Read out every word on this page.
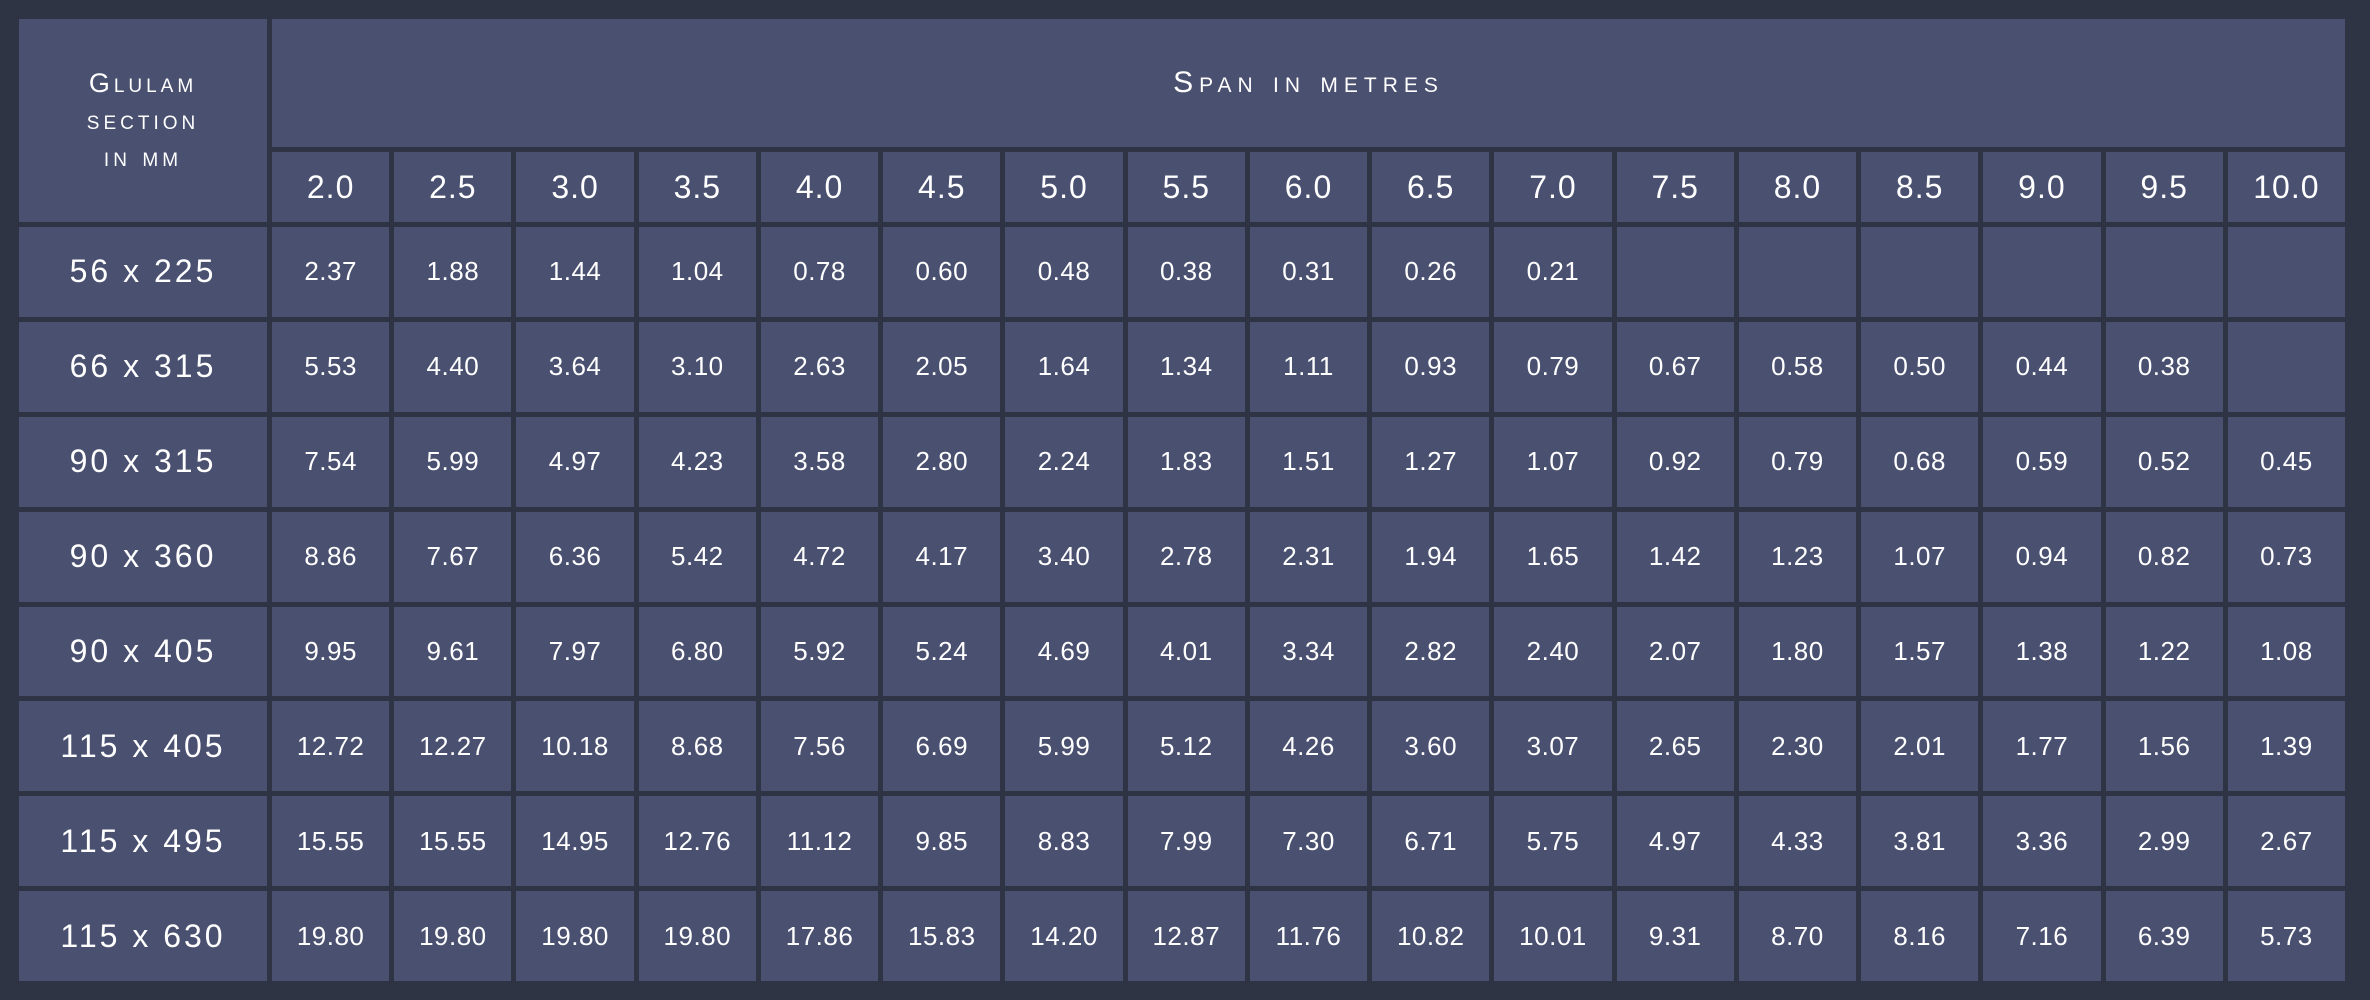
Glulam
section
in mm	Span in metres																
	2.0	2.5	3.0	3.5	4.0	4.5	5.0	5.5	6.0	6.5	7.0	7.5	8.0	8.5	9.0	9.5	10.0
56 x 225	2.37	1.88	1.44	1.04	0.78	0.60	0.48	0.38	0.31	0.26	0.21						
66 x 315	5.53	4.40	3.64	3.10	2.63	2.05	1.64	1.34	1.11	0.93	0.79	0.67	0.58	0.50	0.44	0.38	
90 x 315	7.54	5.99	4.97	4.23	3.58	2.80	2.24	1.83	1.51	1.27	1.07	0.92	0.79	0.68	0.59	0.52	0.45
90 x 360	8.86	7.67	6.36	5.42	4.72	4.17	3.40	2.78	2.31	1.94	1.65	1.42	1.23	1.07	0.94	0.82	0.73
90 x 405	9.95	9.61	7.97	6.80	5.92	5.24	4.69	4.01	3.34	2.82	2.40	2.07	1.80	1.57	1.38	1.22	1.08
115 x 405	12.72	12.27	10.18	8.68	7.56	6.69	5.99	5.12	4.26	3.60	3.07	2.65	2.30	2.01	1.77	1.56	1.39
115 x 495	15.55	15.55	14.95	12.76	11.12	9.85	8.83	7.99	7.30	6.71	5.75	4.97	4.33	3.81	3.36	2.99	2.67
115 x 630	19.80	19.80	19.80	19.80	17.86	15.83	14.20	12.87	11.76	10.82	10.01	9.31	8.70	8.16	7.16	6.39	5.73
